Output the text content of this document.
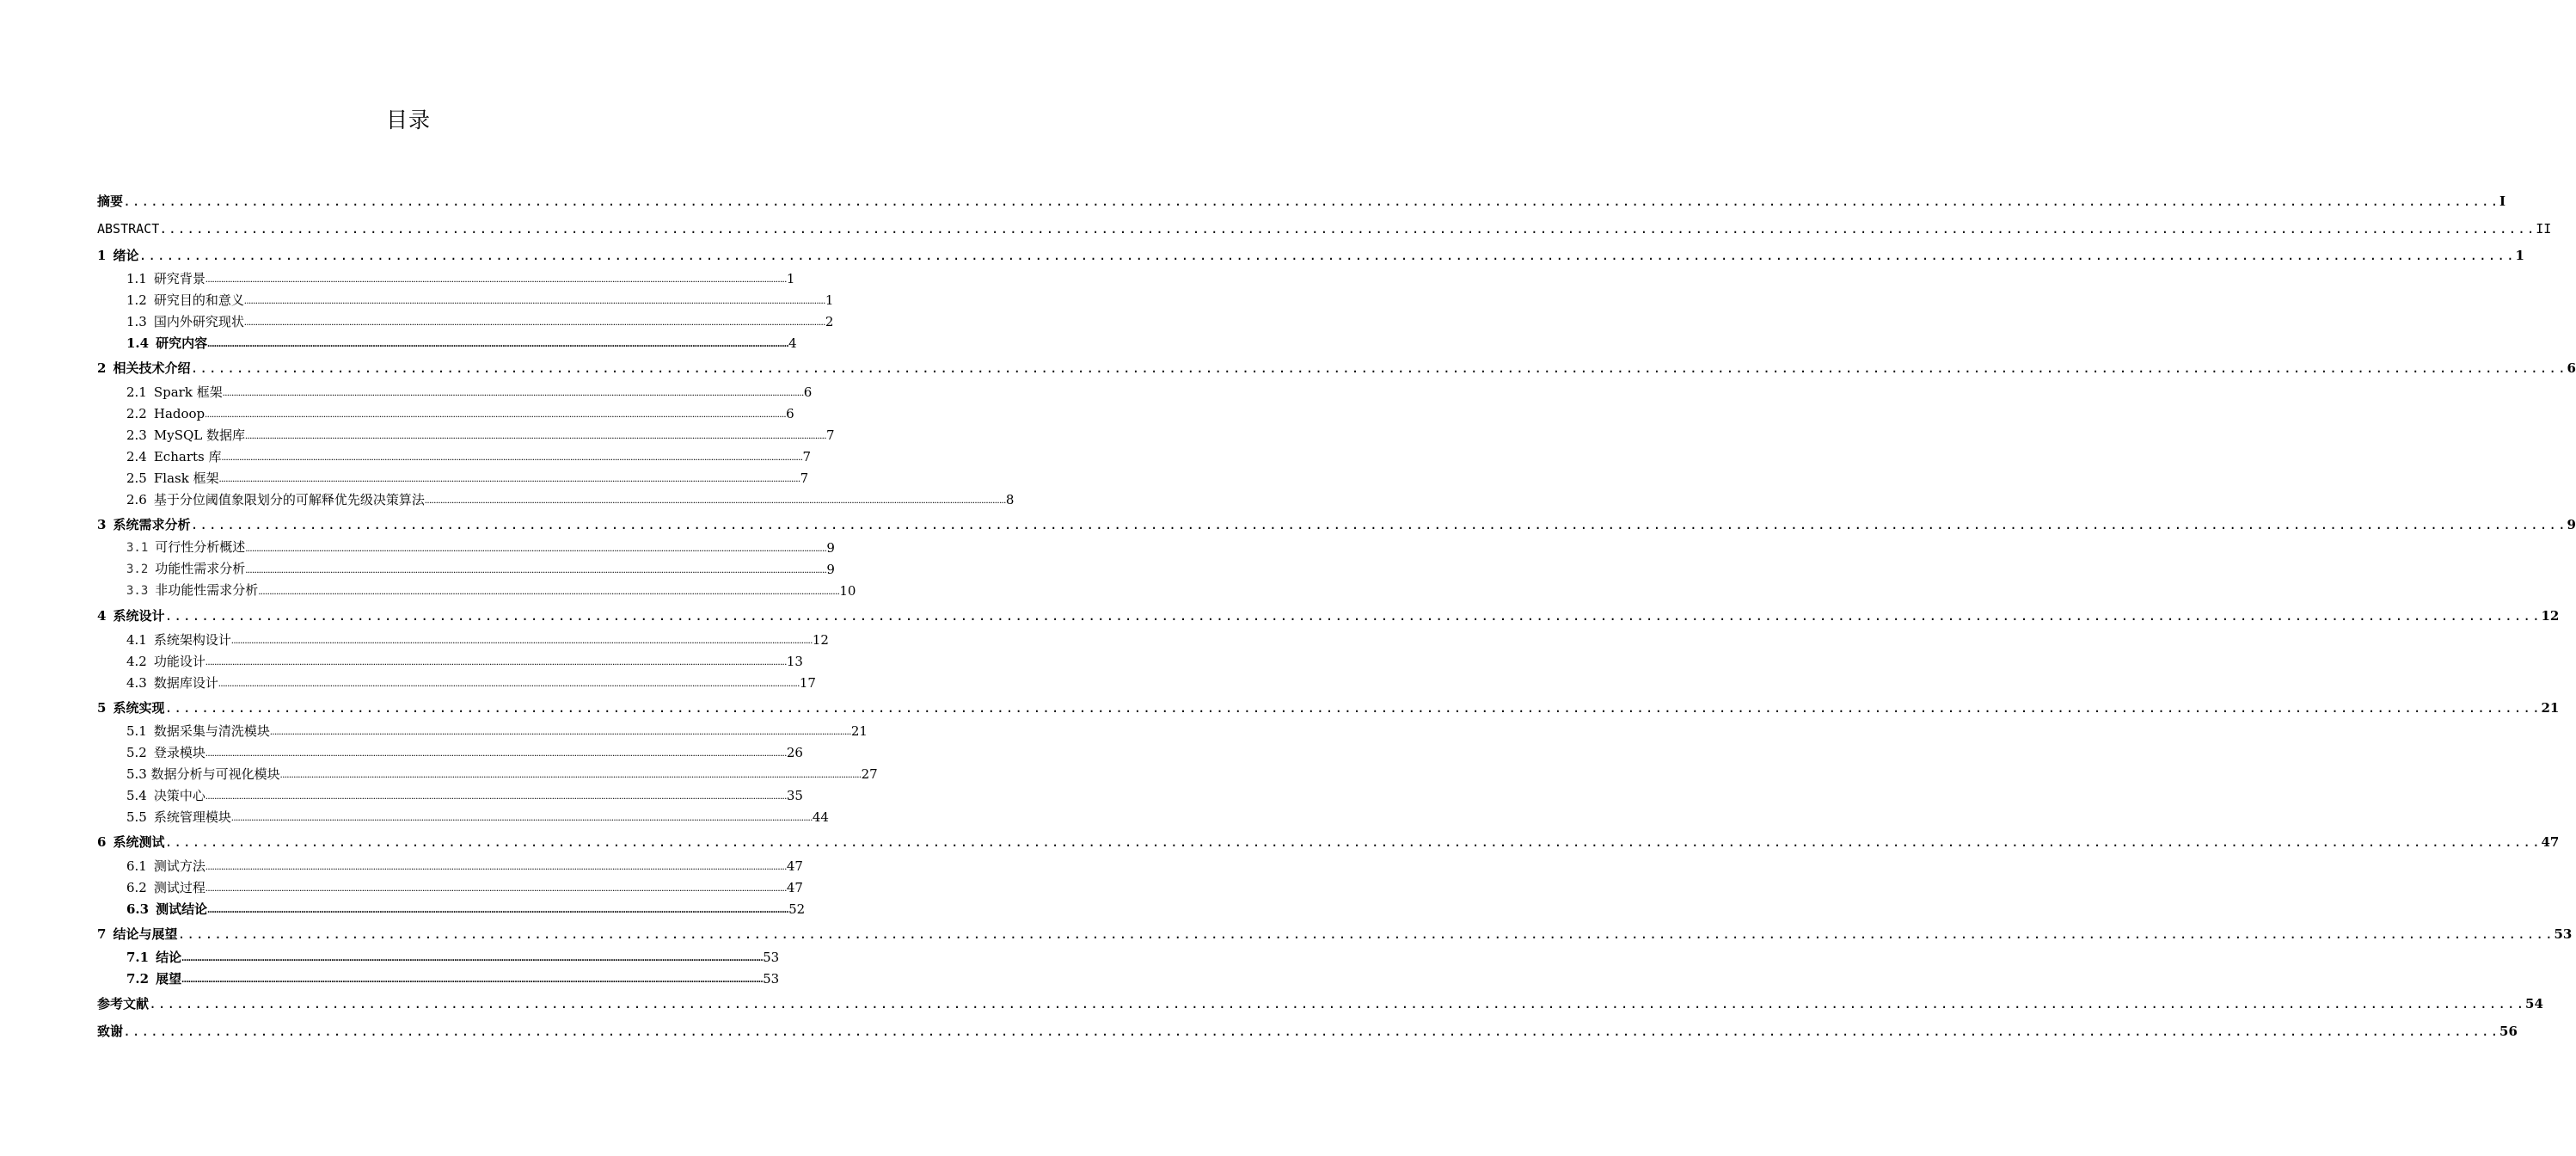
目录
摘要 .................................................................................................................................................................................................................................................................... I
ABSTRACT .................................................................................................................................................................................................................................................................... II
1 绪论 .................................................................................................................................................................................................................................................................... 1
1.1 研究背景 .................................................................................................................................................................................................................................................................... 1
1.2 研究目的和意义 .................................................................................................................................................................................................................................................................... 1
1.3 国内外研究现状 .................................................................................................................................................................................................................................................................... 2
1.4 研究内容 .................................................................................................................................................................................................................................................................... 4
2 相关技术介绍 .................................................................................................................................................................................................................................................................... 6
2.1 Spark 框架 .................................................................................................................................................................................................................................................................... 6
2.2 Hadoop .................................................................................................................................................................................................................................................................... 6
2.3 MySQL 数据库 .................................................................................................................................................................................................................................................................... 7
2.4 Echarts 库 .................................................................................................................................................................................................................................................................... 7
2.5 Flask 框架 .................................................................................................................................................................................................................................................................... 7
2.6 基于分位阈值象限划分的可解释优先级决策算法 .................................................................................................................................................................................................................................................................... 8
3 系统需求分析 .................................................................................................................................................................................................................................................................... 9
3.1 可行性分析概述 .................................................................................................................................................................................................................................................................... 9
3.2 功能性需求分析 .................................................................................................................................................................................................................................................................... 9
3.3 非功能性需求分析 .................................................................................................................................................................................................................................................................... 10
4 系统设计 .................................................................................................................................................................................................................................................................... 12
4.1 系统架构设计 .................................................................................................................................................................................................................................................................... 12
4.2 功能设计 .................................................................................................................................................................................................................................................................... 13
4.3 数据库设计 .................................................................................................................................................................................................................................................................... 17
5 系统实现 .................................................................................................................................................................................................................................................................... 21
5.1 数据采集与清洗模块 .................................................................................................................................................................................................................................................................... 21
5.2 登录模块 .................................................................................................................................................................................................................................................................... 26
5.3 数据分析与可视化模块 .................................................................................................................................................................................................................................................................... 27
5.4 决策中心 .................................................................................................................................................................................................................................................................... 35
5.5 系统管理模块 .................................................................................................................................................................................................................................................................... 44
6 系统测试 .................................................................................................................................................................................................................................................................... 47
6.1 测试方法 .................................................................................................................................................................................................................................................................... 47
6.2 测试过程 .................................................................................................................................................................................................................................................................... 47
6.3 测试结论 .................................................................................................................................................................................................................................................................... 52
7 结论与展望 .................................................................................................................................................................................................................................................................... 53
7.1 结论 .................................................................................................................................................................................................................................................................... 53
7.2 展望 .................................................................................................................................................................................................................................................................... 53
参考文献 .................................................................................................................................................................................................................................................................... 54
致谢 .................................................................................................................................................................................................................................................................... 56
